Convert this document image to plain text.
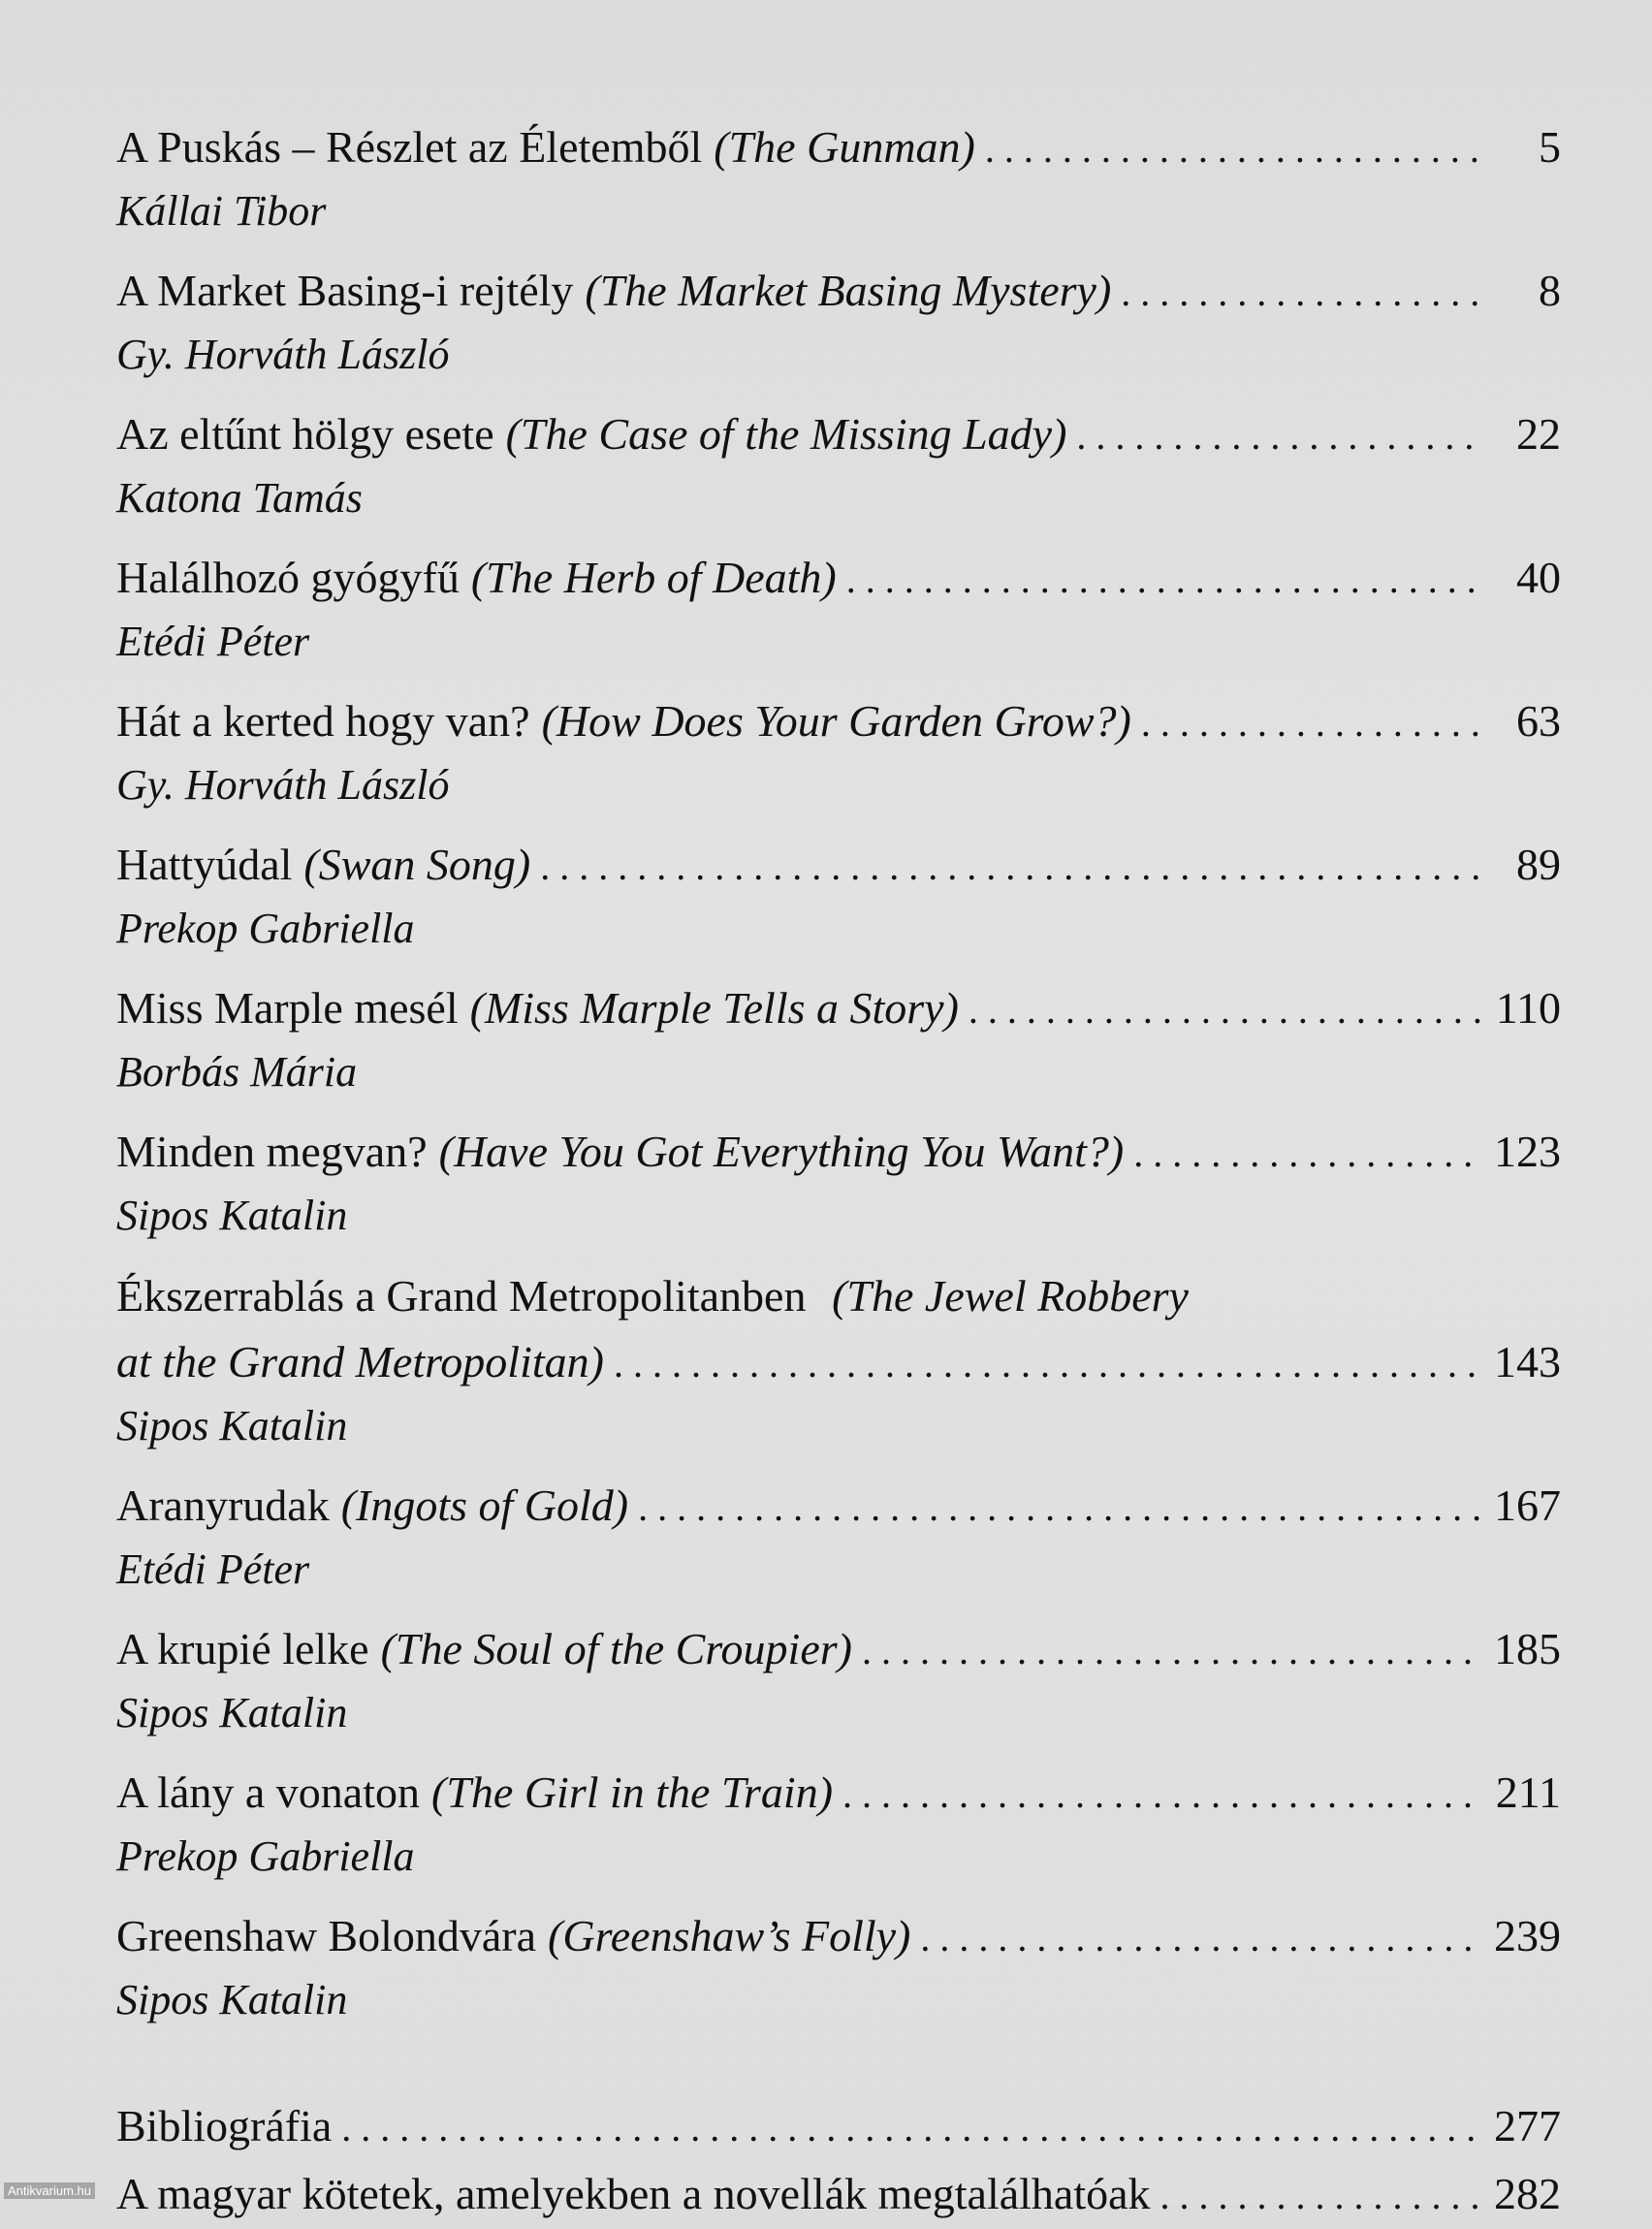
A Puskás – Részlet az Életemből (The Gunman) . . .	5
Kállai Tibor
A Market Basing-i rejtély (The Market Basing Mystery) . . .	8
Gy. Horváth László
Az eltűnt hölgy esete (The Case of the Missing Lady) . . .	22
Katona Tamás
Halálhozó gyógyfű (The Herb of Death) . . .	40
Etédi Péter
Hát a kerted hogy van? (How Does Your Garden Grow?) . . .	63
Gy. Horváth László
Hattyúdal (Swan Song) . . .	89
Prekop Gabriella
Miss Marple mesél (Miss Marple Tells a Story) . . .	110
Borbás Mária
Minden megvan? (Have You Got Everything You Want?) . . .	123
Sipos Katalin
Ékszerrablás a Grand Metropolitanben (The Jewel Robbery
at the Grand Metropolitan) . . .	143
Sipos Katalin
Aranyrudak (Ingots of Gold) . . .	167
Etédi Péter
A krupié lelke (The Soul of the Croupier) . . .	185
Sipos Katalin
A lány a vonaton (The Girl in the Train) . . .	211
Prekop Gabriella
Greenshaw Bolondvára (Greenshaw’s Folly) . . .	239
Sipos Katalin
Bibliográfia . . .	277
A magyar kötetek, amelyekben a novellák megtalálhatóak . . .	282
Antikvarium.hu
